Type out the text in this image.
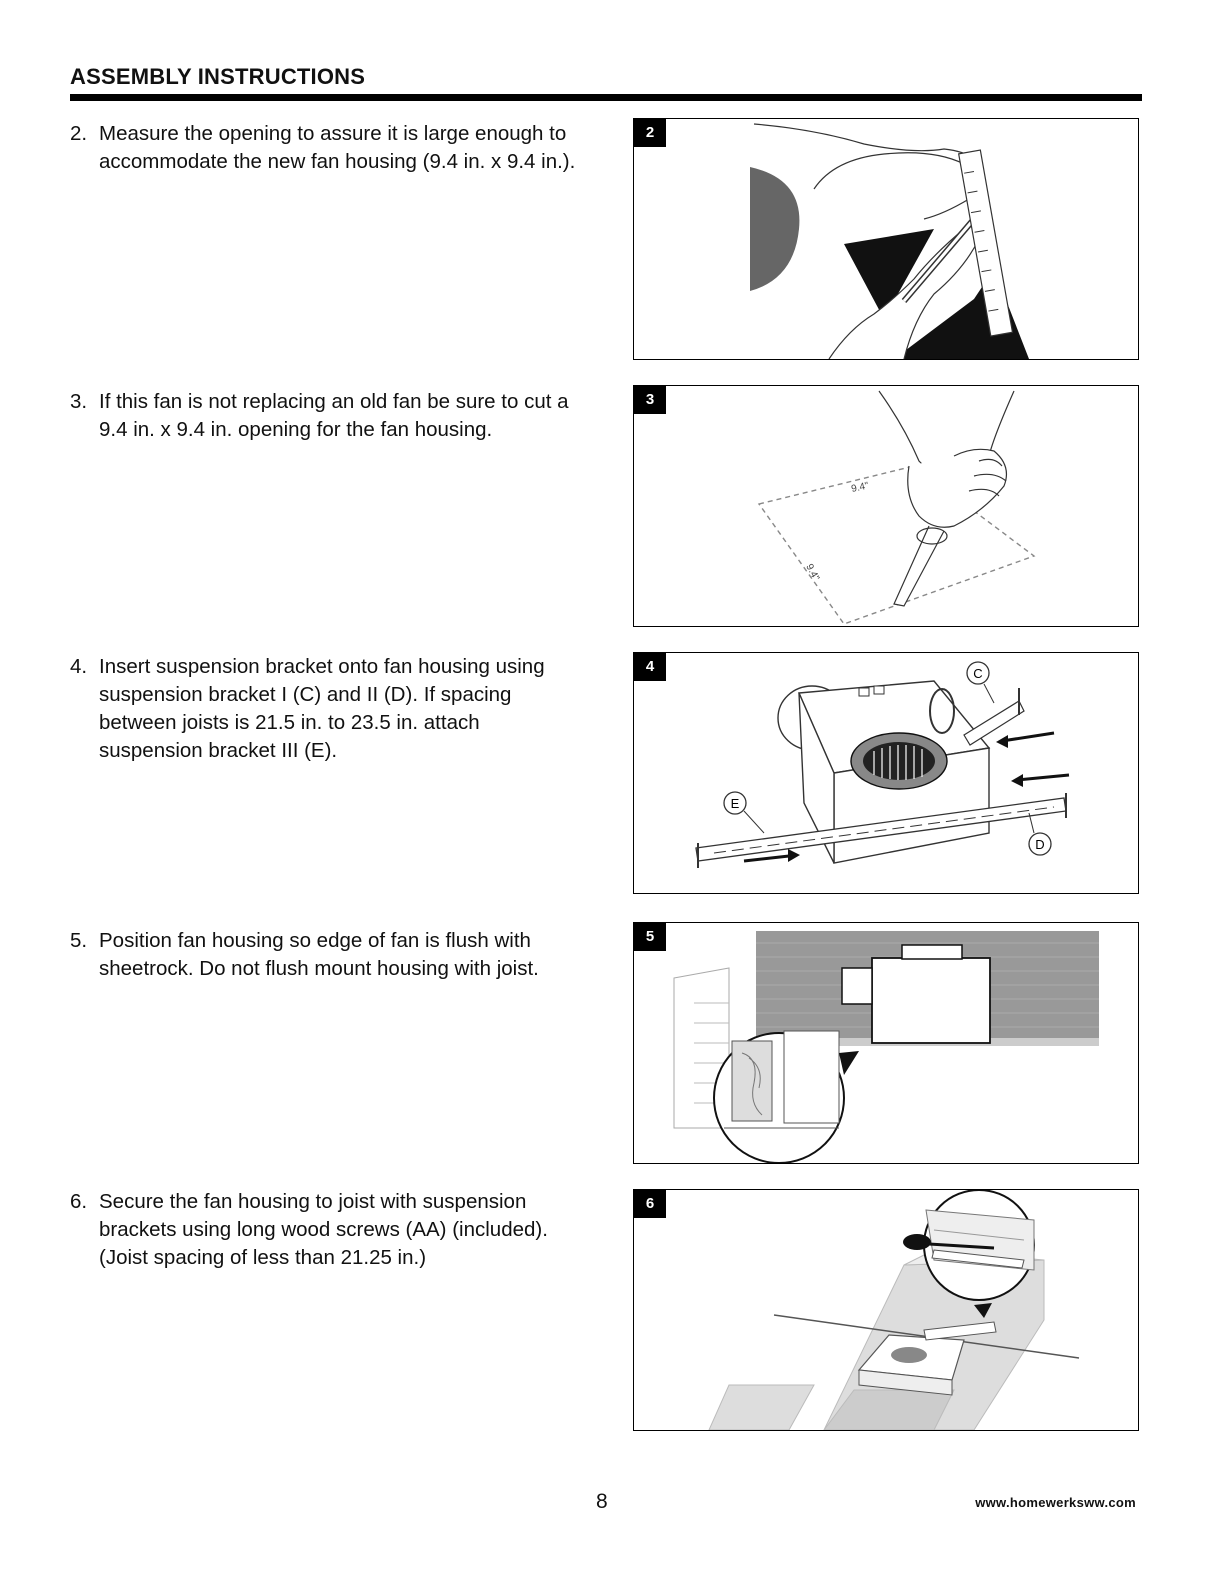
ASSEMBLY INSTRUCTIONS
2. Measure the opening to assure it is large enough to accommodate the new fan housing (9.4 in. x 9.4 in.).
2
3. If this fan is not replacing an old fan be sure to cut a 9.4 in. x 9.4 in. opening for the fan housing.
3
9.4"
9.4"
4. Insert suspension bracket onto fan housing using suspension bracket I (C) and II (D). If spacing between joists is 21.5 in. to 23.5 in. attach suspension bracket III (E).
4	C
D
E
5. Position fan housing so edge of fan is flush with sheetrock. Do not flush mount housing with joist.
5
6. Secure the fan housing to joist with suspension brackets using long wood screws (AA) (included). (Joist spacing of less than 21.25 in.)
6
8	www.homewerksww.com
